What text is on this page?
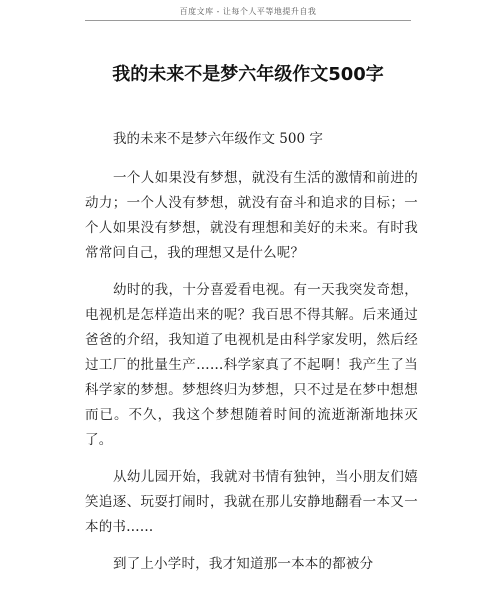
百度文库 - 让每个人平等地提升自我
我的未来不是梦六年级作文500字

我的未来不是梦六年级作文 500 字

一个人如果没有梦想，就没有生活的激情和前进的动力；一个人没有梦想，就没有奋斗和追求的目标；一个人如果没有梦想，就没有理想和美好的未来。有时我常常问自己，我的理想又是什么呢？

幼时的我，十分喜爱看电视。有一天我突发奇想，电视机是怎样造出来的呢？我百思不得其解。后来通过爸爸的介绍，我知道了电视机是由科学家发明，然后经过工厂的批量生产……科学家真了不起啊！我产生了当科学家的梦想。梦想终归为梦想，只不过是在梦中想想而已。不久，我这个梦想随着时间的流逝渐渐地抹灭了。

从幼儿园开始，我就对书情有独钟，当小朋友们嬉笑追逐、玩耍打闹时，我就在那儿安静地翻看一本又一本的书……

到了上小学时，我才知道那一本本的都被分
